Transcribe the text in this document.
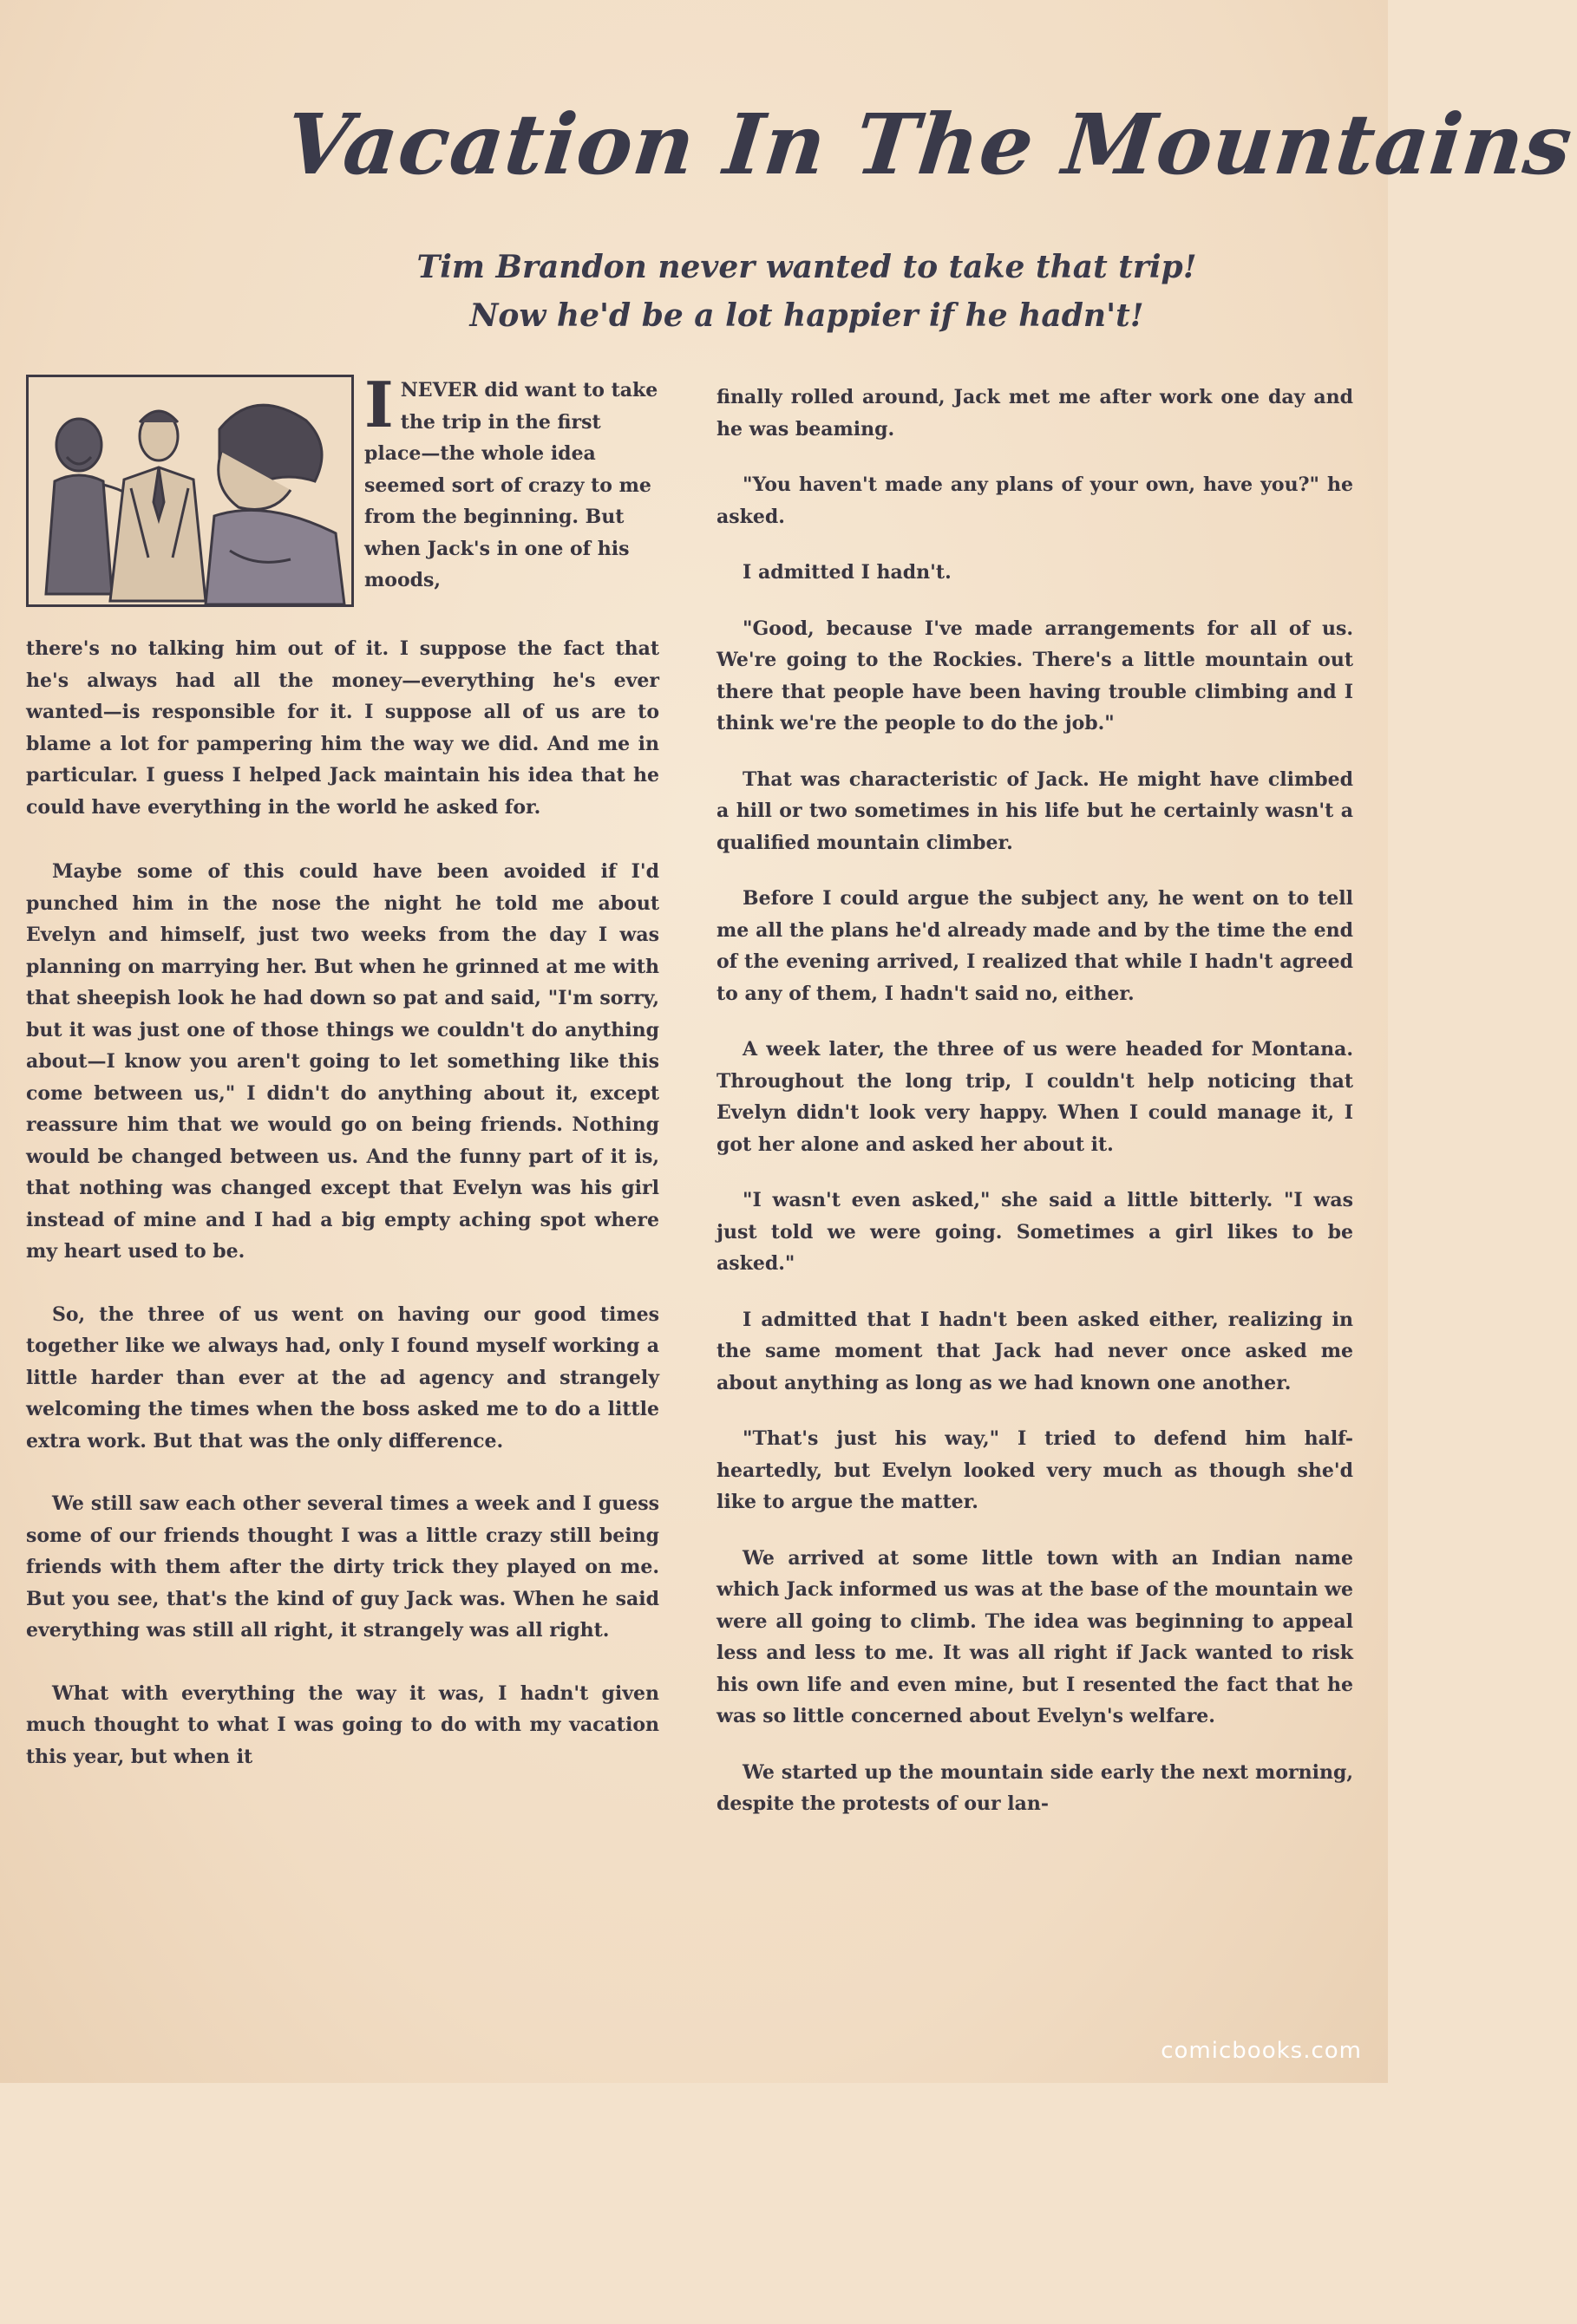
Vacation In The Mountains
Tim Brandon never wanted to take that trip!
Now he'd be a lot happier if he hadn't!
I NEVER did want to take the trip in the first place—the whole idea seemed sort of crazy to me from the beginning. But when Jack's in one of his moods,

there's no talking him out of it. I suppose the fact that he's always had all the money—everything he's ever wanted—is responsible for it. I suppose all of us are to blame a lot for pampering him the way we did. And me in particular. I guess I helped Jack maintain his idea that he could have everything in the world he asked for.

Maybe some of this could have been avoided if I'd punched him in the nose the night he told me about Evelyn and himself, just two weeks from the day I was planning on marrying her. But when he grinned at me with that sheepish look he had down so pat and said, "I'm sorry, but it was just one of those things we couldn't do anything about—I know you aren't going to let something like this come between us," I didn't do anything about it, except reassure him that we would go on being friends. Nothing would be changed between us. And the funny part of it is, that nothing was changed except that Evelyn was his girl instead of mine and I had a big empty aching spot where my heart used to be.

So, the three of us went on having our good times together like we always had, only I found myself working a little harder than ever at the ad agency and strangely welcoming the times when the boss asked me to do a little extra work. But that was the only difference.

We still saw each other several times a week and I guess some of our friends thought I was a little crazy still being friends with them after the dirty trick they played on me. But you see, that's the kind of guy Jack was. When he said everything was still all right, it strangely was all right.

What with everything the way it was, I hadn't given much thought to what I was going to do with my vacation this year, but when it

finally rolled around, Jack met me after work one day and he was beaming.

"You haven't made any plans of your own, have you?" he asked.

I admitted I hadn't.

"Good, because I've made arrangements for all of us. We're going to the Rockies. There's a little mountain out there that people have been having trouble climbing and I think we're the people to do the job."

That was characteristic of Jack. He might have climbed a hill or two sometimes in his life but he certainly wasn't a qualified mountain climber.

Before I could argue the subject any, he went on to tell me all the plans he'd already made and by the time the end of the evening arrived, I realized that while I hadn't agreed to any of them, I hadn't said no, either.

A week later, the three of us were headed for Montana. Throughout the long trip, I couldn't help noticing that Evelyn didn't look very happy. When I could manage it, I got her alone and asked her about it.

"I wasn't even asked," she said a little bitterly. "I was just told we were going. Sometimes a girl likes to be asked."

I admitted that I hadn't been asked either, realizing in the same moment that Jack had never once asked me about anything as long as we had known one another.

"That's just his way," I tried to defend him half-heartedly, but Evelyn looked very much as though she'd like to argue the matter.

We arrived at some little town with an Indian name which Jack informed us was at the base of the mountain we were all going to climb. The idea was beginning to appeal less and less to me. It was all right if Jack wanted to risk his own life and even mine, but I resented the fact that he was so little concerned about Evelyn's welfare.

We started up the mountain side early the next morning, despite the protests of our lan-

comicbooks.com
